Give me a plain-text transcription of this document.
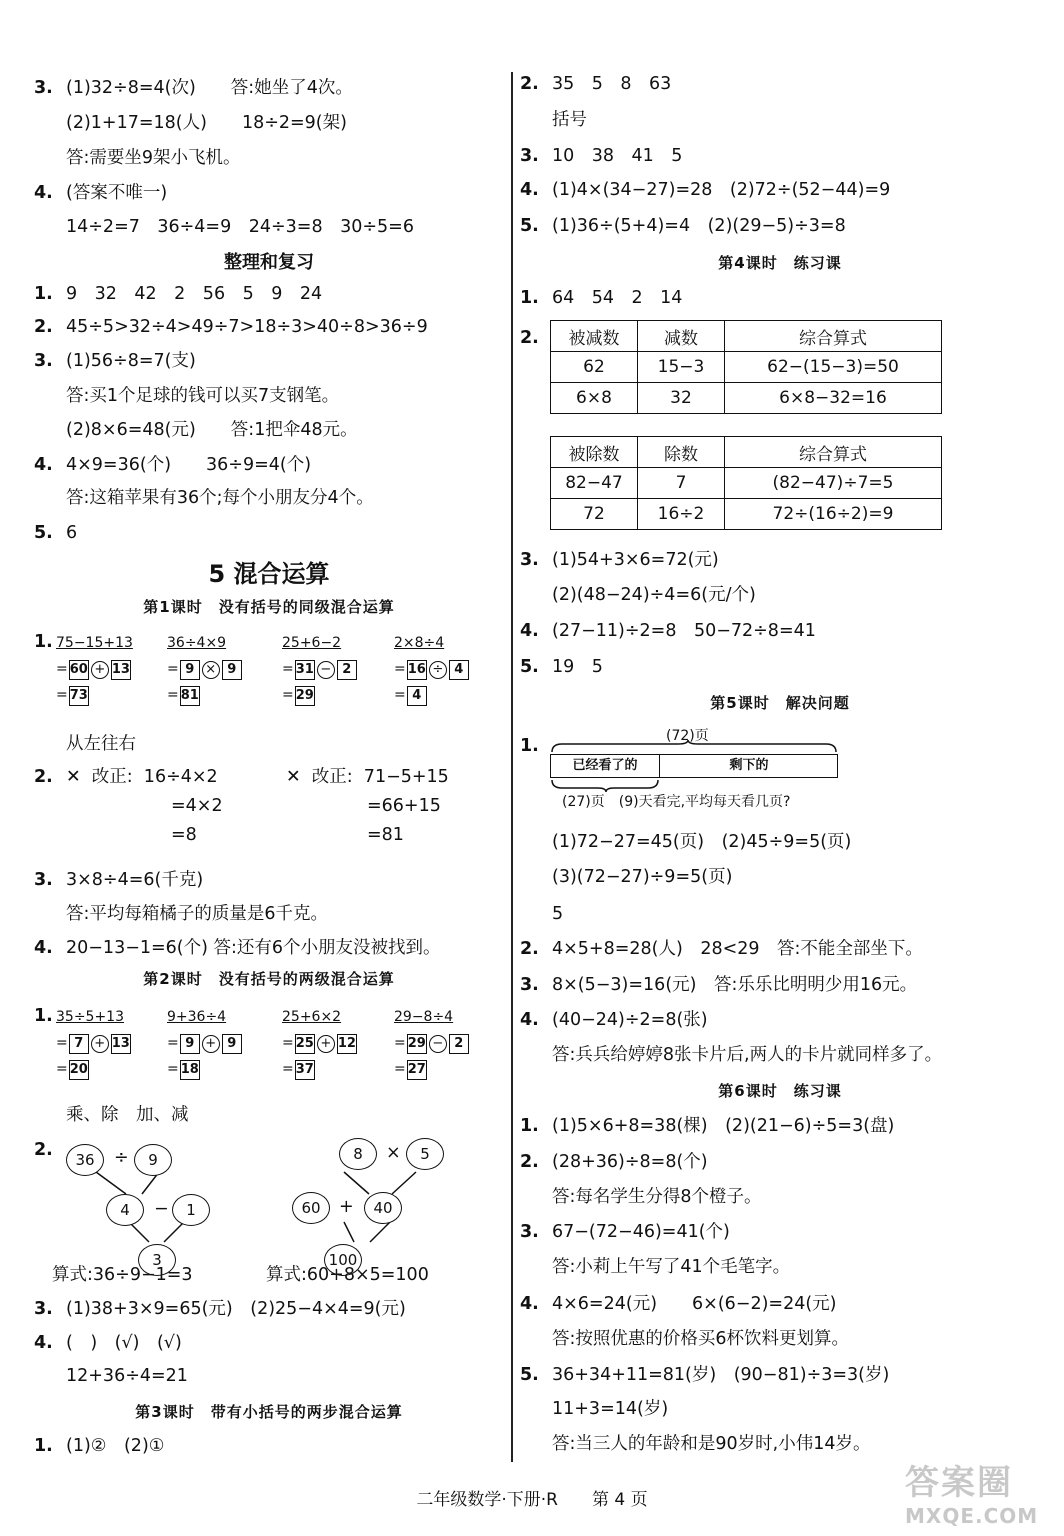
3. (1)32÷8=4(次)　　答:她坐了4次。
(2)1+17=18(人)　　18÷2=9(架)
答:需要坐9架小飞机。
4. (答案不唯一)
14÷2=7　36÷4=9　24÷3=8　30÷5=6
整理和复习
1. 9　32　42　2　56　5　9　24
2. 45÷5>32÷4>49÷7>18÷3>40÷8>36÷9
3. (1)56÷8=7(支)
答:买1个足球的钱可以买7支钢笔。
(2)8×6=48(元)　　答:1把伞48元。
4. 4×9=36(个)　　36÷9=4(个)
答:这箱苹果有36个;每个小朋友分4个。
5. 6
5 混合运算
第1课时　没有括号的同级混合运算
1. 75−15+13
= 60 + 13
= 73
36÷4×9
= 9 × 9
= 81
25+6−2
= 31 − 2
= 29
2×8÷4
= 16 ÷ 4
= 4
从左往右
2. ✕  改正:  16÷4×2
=4×2
=8
✕  改正:  71−5+15
=66+15
=81
3. 3×8÷4=6(千克)
答:平均每箱橘子的质量是6千克。
4. 20−13−1=6(个) 答:还有6个小朋友没被找到。
第2课时　没有括号的两级混合运算
1. 35÷5+13
= 7 + 13
= 20
9+36÷4
= 9 + 9
= 18
25+6×2
= 25 + 12
= 37
29−8÷4
= 29 − 2
= 27
乘、除　加、减
2.	36	÷	9
4	−	1
3
8	×	5
60	+	40
100
算式:36÷9−1=3	算式:60+8×5=100
3. (1)38+3×9=65(元)　(2)25−4×4=9(元)
4. (　)　(√)　(√)
12+36÷4=21
第3课时　带有小括号的两步混合运算
1. (1)②　(2)①
2. 35　5　8　63
括号
3. 10　38　41　5
4. (1)4×(34−27)=28　(2)72÷(52−44)=9
5. (1)36÷(5+4)=4　(2)(29−5)÷3=8
第4课时　练习课
1. 64　54　2　14
2. 被减数	减数	综合算式
62	15−3	62−(15−3)=50
6×8	32	6×8−32=16
被除数	除数	综合算式
82−47	7	(82−47)÷7=5
72	16÷2	72÷(16÷2)=9
3. (1)54+3×6=72(元)
(2)(48−24)÷4=6(元/个)
4. (27−11)÷2=8　50−72÷8=41
5. 19　5
第5课时　解决问题
1.	(72)页
已经看了的	剩下的
(27)页　(9)天看完,平均每天看几页?
(1)72−27=45(页)　(2)45÷9=5(页)
(3)(72−27)÷9=5(页)
5
2. 4×5+8=28(人)　28<29　答:不能全部坐下。
3. 8×(5−3)=16(元)　答:乐乐比明明少用16元。
4. (40−24)÷2=8(张)
答:兵兵给婷婷8张卡片后,两人的卡片就同样多了。
第6课时　练习课
1. (1)5×6+8=38(棵)　(2)(21−6)÷5=3(盘)
2. (28+36)÷8=8(个)
答:每名学生分得8个橙子。
3. 67−(72−46)=41(个)
答:小莉上午写了41个毛笔字。
4. 4×6=24(元)　　6×(6−2)=24(元)
答:按照优惠的价格买6杯饮料更划算。
5. 36+34+11=81(岁)　(90−81)÷3=3(岁)
11+3=14(岁)
答:当三人的年龄和是90岁时,小伟14岁。
二年级数学·下册·R　　第 4 页	答案圈
MXQE.COM
